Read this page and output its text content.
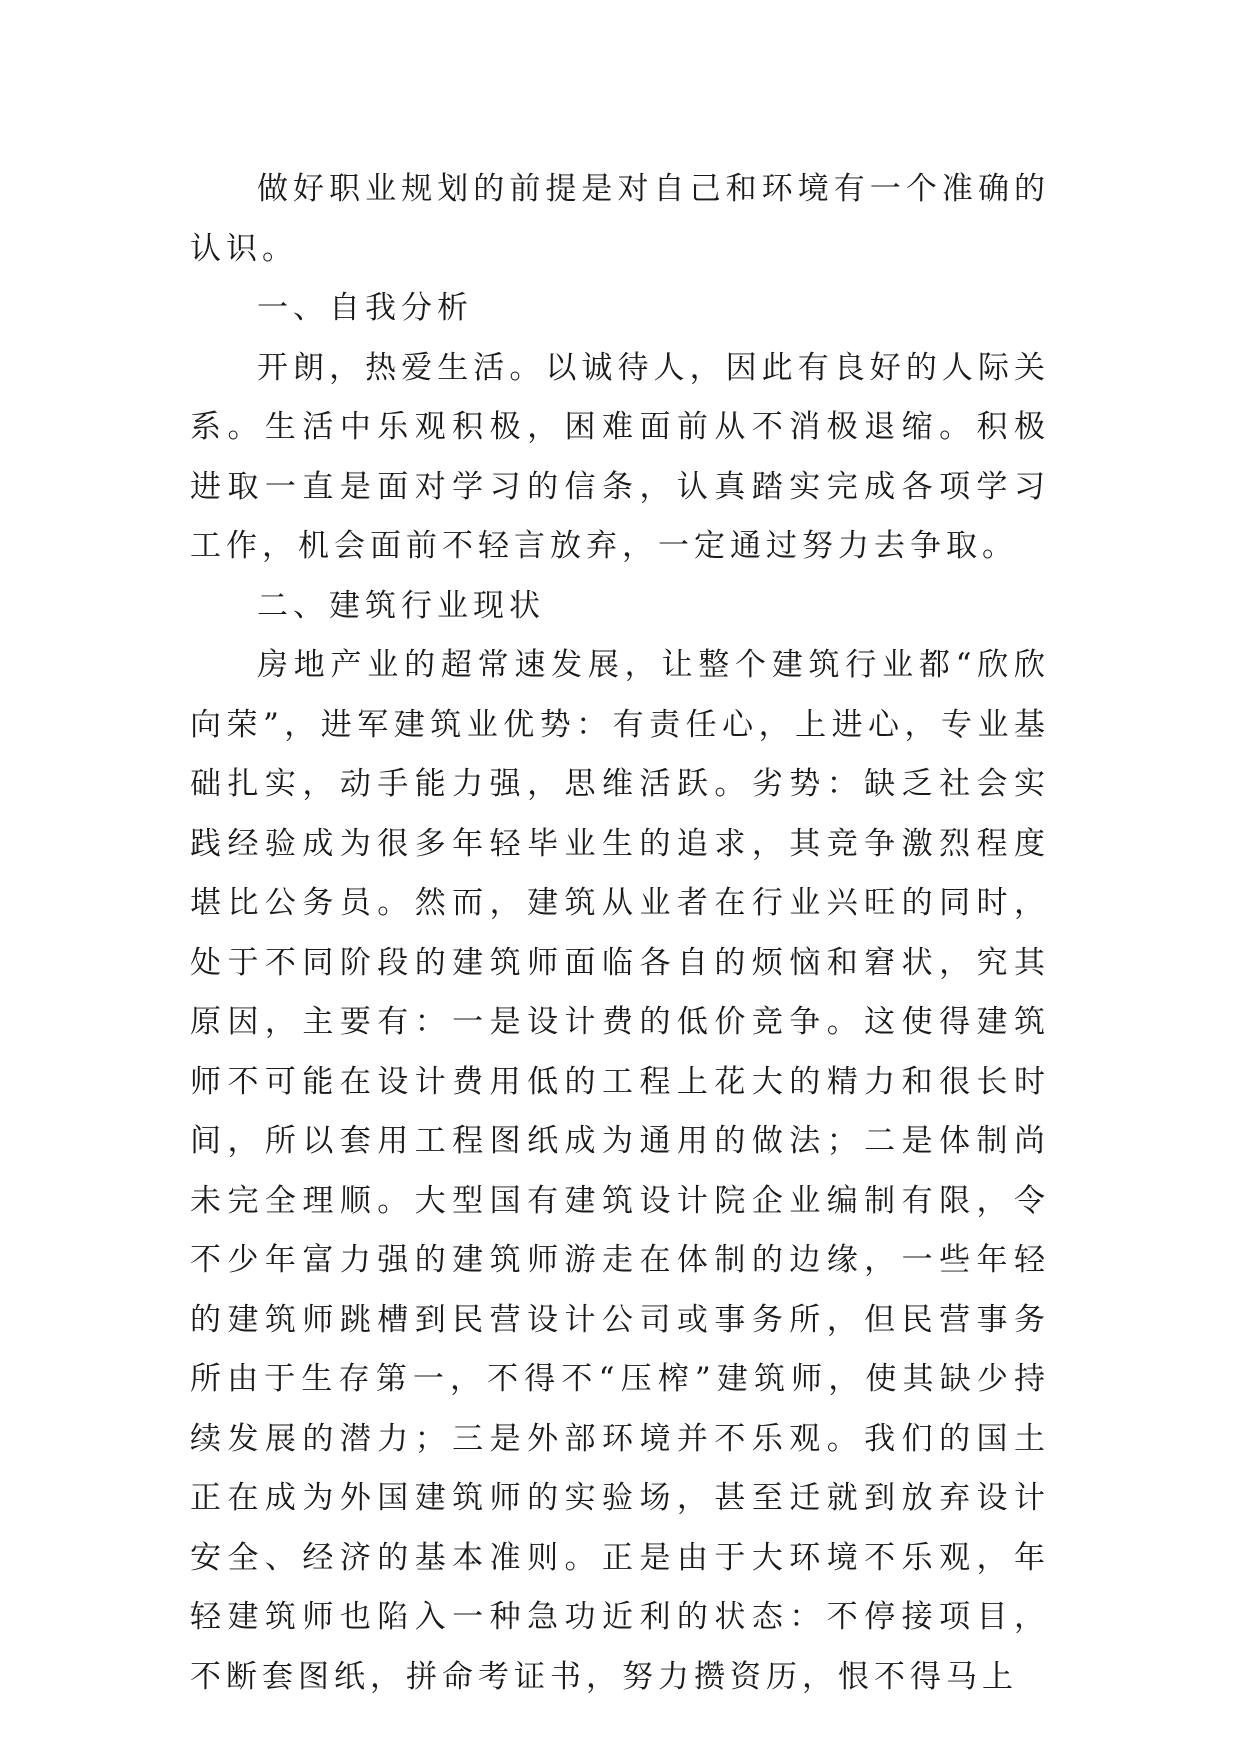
做好职业规划的前提是对自己和环境有一个准确的认识。

一、自我分析

开朗，热爱生活。以诚待人，因此有良好的人际关系。生活中乐观积极，困难面前从不消极退缩。积极进取一直是面对学习的信条，认真踏实完成各项学习工作，机会面前不轻言放弃，一定通过努力去争取。

二、建筑行业现状

房地产业的超常速发展，让整个建筑行业都“欣欣向荣”，进军建筑业优势：有责任心，上进心，专业基础扎实，动手能力强，思维活跃。劣势：缺乏社会实践经验成为很多年轻毕业生的追求，其竞争激烈程度堪比公务员。然而，建筑从业者在行业兴旺的同时，处于不同阶段的建筑师面临各自的烦恼和窘状，究其原因，主要有：一是设计费的低价竞争。这使得建筑师不可能在设计费用低的工程上花大的精力和很长时间，所以套用工程图纸成为通用的做法；二是体制尚未完全理顺。大型国有建筑设计院企业编制有限，令不少年富力强的建筑师游走在体制的边缘，一些年轻的建筑师跳槽到民营设计公司或事务所，但民营事务所由于生存第一，不得不“压榨”建筑师，使其缺少持续发展的潜力；三是外部环境并不乐观。我们的国土正在成为外国建筑师的实验场，甚至迁就到放弃设计安全、经济的基本准则。正是由于大环境不乐观，年轻建筑师也陷入一种急功近利的状态：不停接项目，不断套图纸，拼命考证书，努力攒资历，恨不得马上
